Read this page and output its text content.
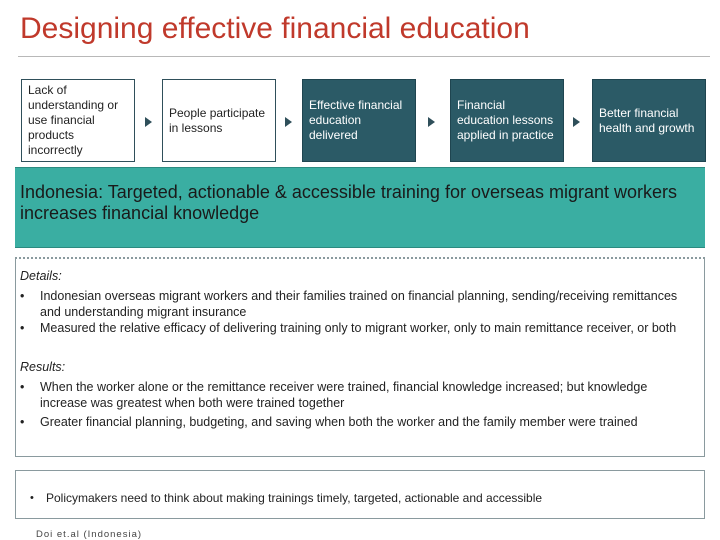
Designing effective financial education
Lack of understanding or use financial products incorrectly
People participate in lessons
Effective financial education delivered
Financial education lessons applied in practice
Better financial health and growth
Indonesia: Targeted, actionable & accessible training for overseas migrant workers increases financial knowledge
Details:
• Indonesian overseas migrant workers and their families trained on financial planning, sending/receiving remittances and understanding migrant insurance
• Measured the relative efficacy of delivering training only to migrant worker, only to main remittance receiver, or both
Results:
• When the worker alone or the remittance receiver were trained, financial knowledge increased; but knowledge increase was greatest when both were trained together
• Greater financial planning, budgeting, and saving when both the worker and the family member were trained
• Policymakers need to think about making trainings timely, targeted, actionable and accessible
Doi et.al (Indonesia)
